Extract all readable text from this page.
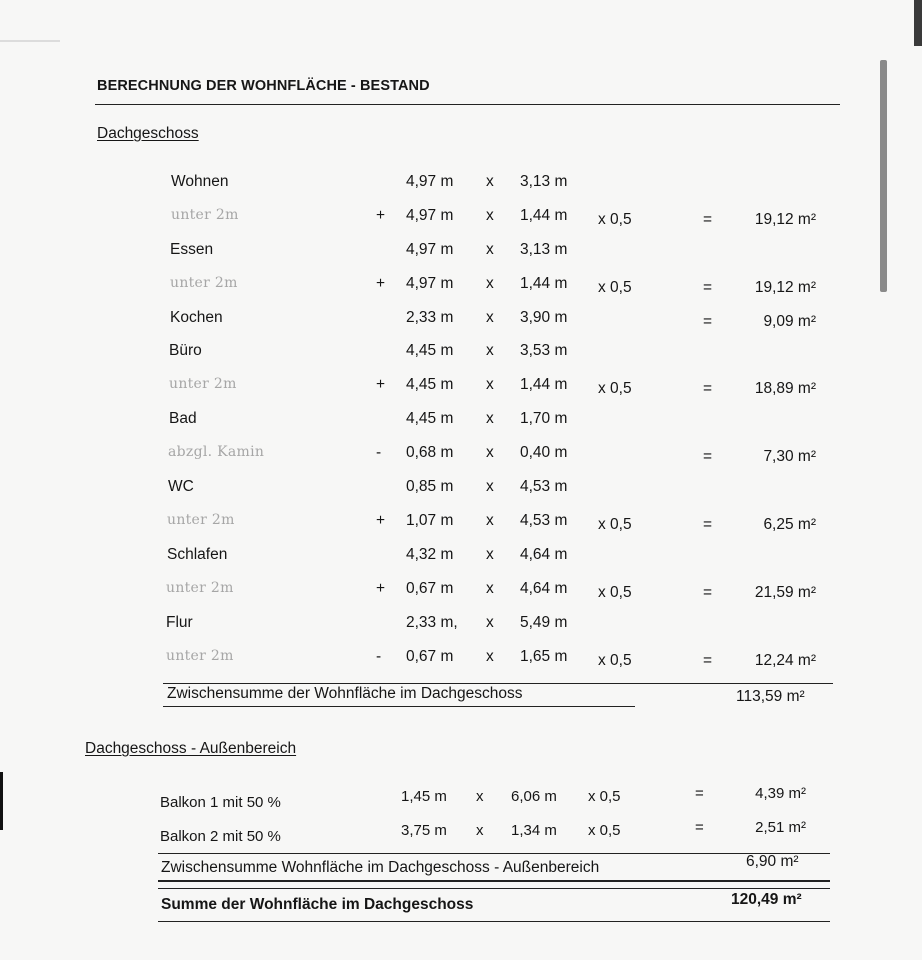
BERECHNUNG DER WOHNFLÄCHE - BESTAND
Dachgeschoss
Wohnen	4,97 m x 3,13 m
unter 2m	+ 4,97 m x 1,44 m x 0,5	=	19,12 m²
Essen	4,97 m x 3,13 m
unter 2m	+ 4,97 m x 1,44 m x 0,5	=	19,12 m²
Kochen	2,33 m x 3,90 m	=	9,09 m²
Büro	4,45 m x 3,53 m
unter 2m	+ 4,45 m x 1,44 m x 0,5	=	18,89 m²
Bad	4,45 m x 1,70 m
abzgl. Kamin	- 0,68 m x 0,40 m	=	7,30 m²
WC	0,85 m x 4,53 m
unter 2m	+ 1,07 m x 4,53 m x 0,5	=	6,25 m²
Schlafen	4,32 m x 4,64 m
unter 2m	+ 0,67 m x 4,64 m x 0,5	=	21,59 m²
Flur	2,33 m, x 5,49 m
unter 2m	- 0,67 m x 1,65 m x 0,5	=	12,24 m²
Zwischensumme der Wohnfläche im Dachgeschoss	113,59 m²
Dachgeschoss - Außenbereich
Balkon 1 mit 50 %	1,45 m x 6,06 m x 0,5	=	4,39 m²
Balkon 2 mit 50 %	3,75 m x 1,34 m x 0,5	=	2,51 m²
Zwischensumme Wohnfläche im Dachgeschoss - Außenbereich	6,90 m²
Summe der Wohnfläche im Dachgeschoss	120,49 m²
